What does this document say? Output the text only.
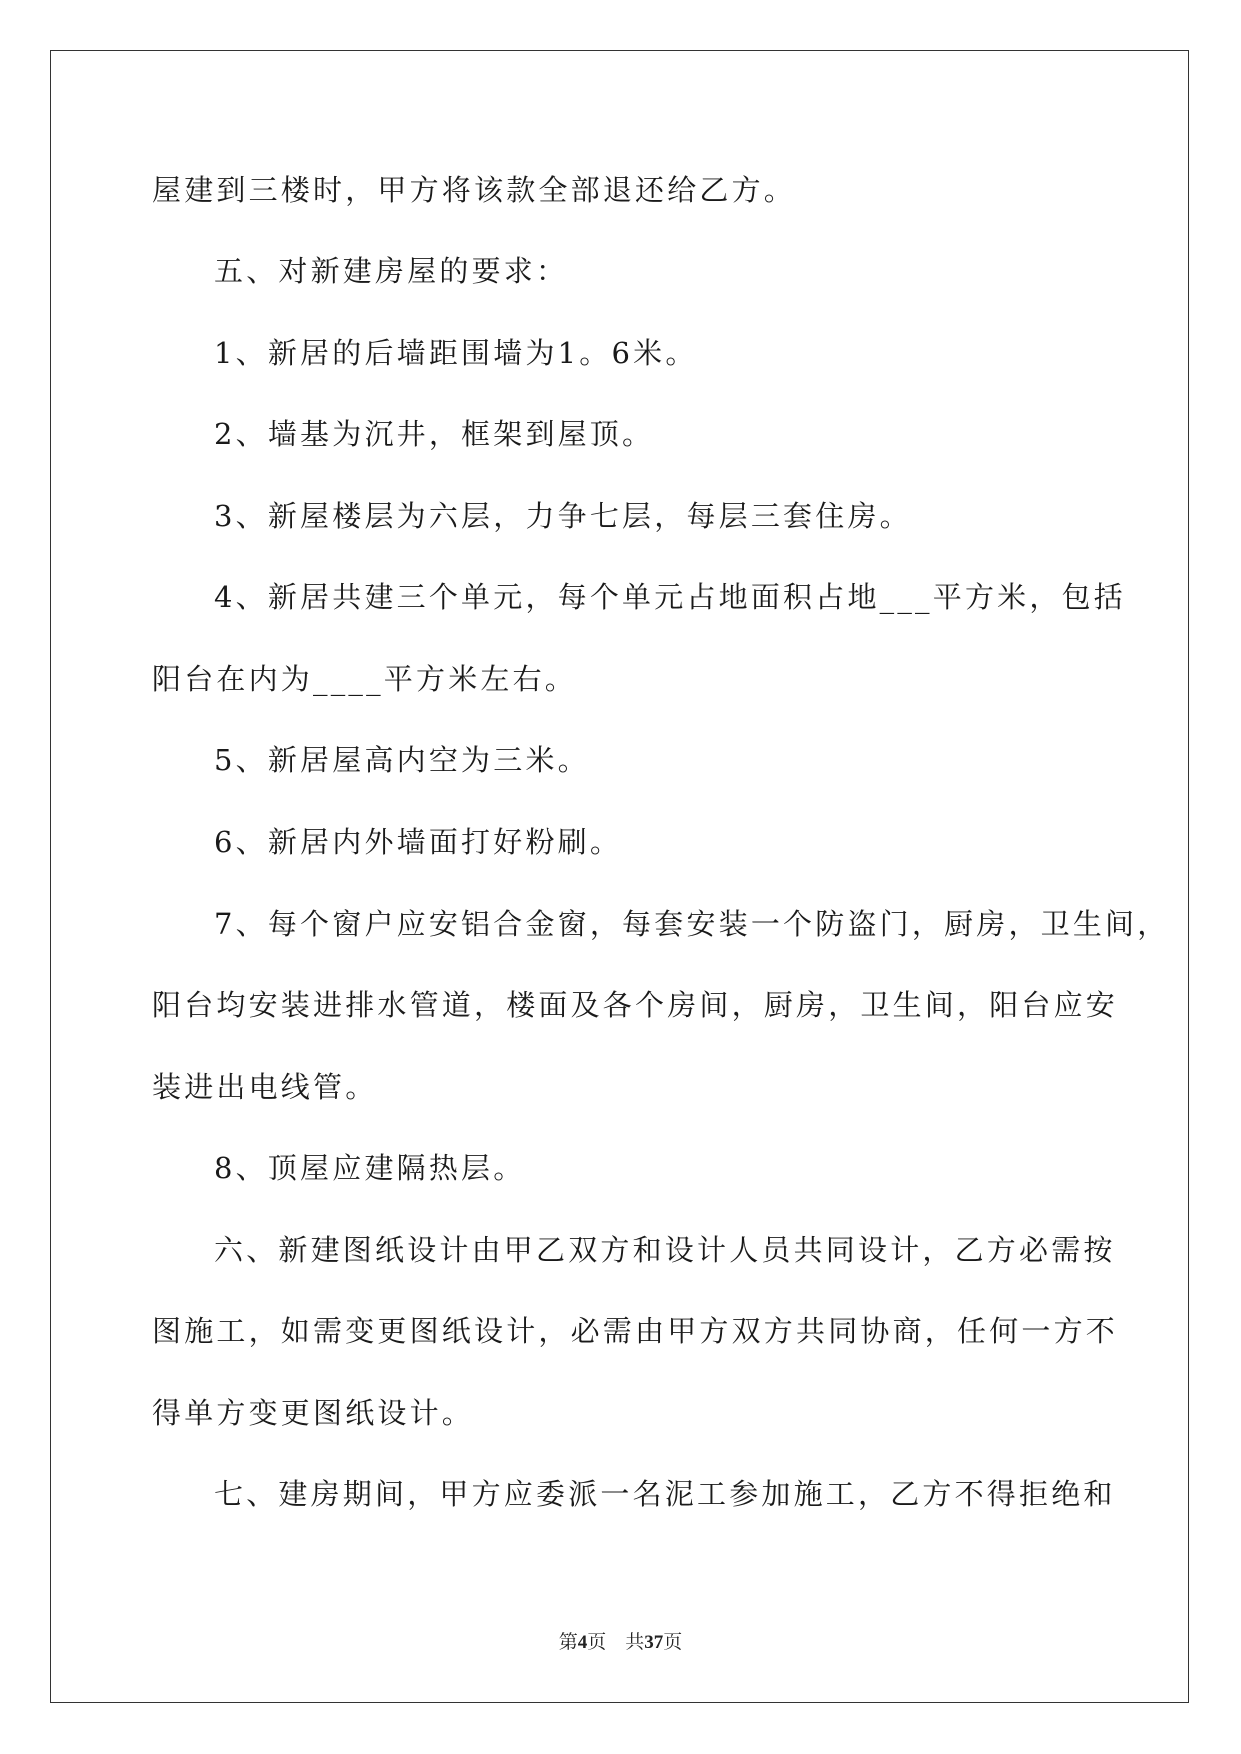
屋建到三楼时，甲方将该款全部退还给乙方。
五、对新建房屋的要求：
1、新居的后墙距围墙为1。6米。
2、墙基为沉井，框架到屋顶。
3、新屋楼层为六层，力争七层，每层三套住房。
4、新居共建三个单元，每个单元占地面积占地___平方米，包括
阳台在内为____平方米左右。
5、新居屋高内空为三米。
6、新居内外墙面打好粉刷。
7、每个窗户应安铝合金窗，每套安装一个防盗门，厨房，卫生间，
阳台均安装进排水管道，楼面及各个房间，厨房，卫生间，阳台应安
装进出电线管。
8、顶屋应建隔热层。
六、新建图纸设计由甲乙双方和设计人员共同设计，乙方必需按
图施工，如需变更图纸设计，必需由甲方双方共同协商，任何一方不
得单方变更图纸设计。
七、建房期间，甲方应委派一名泥工参加施工，乙方不得拒绝和
第4页 共37页
